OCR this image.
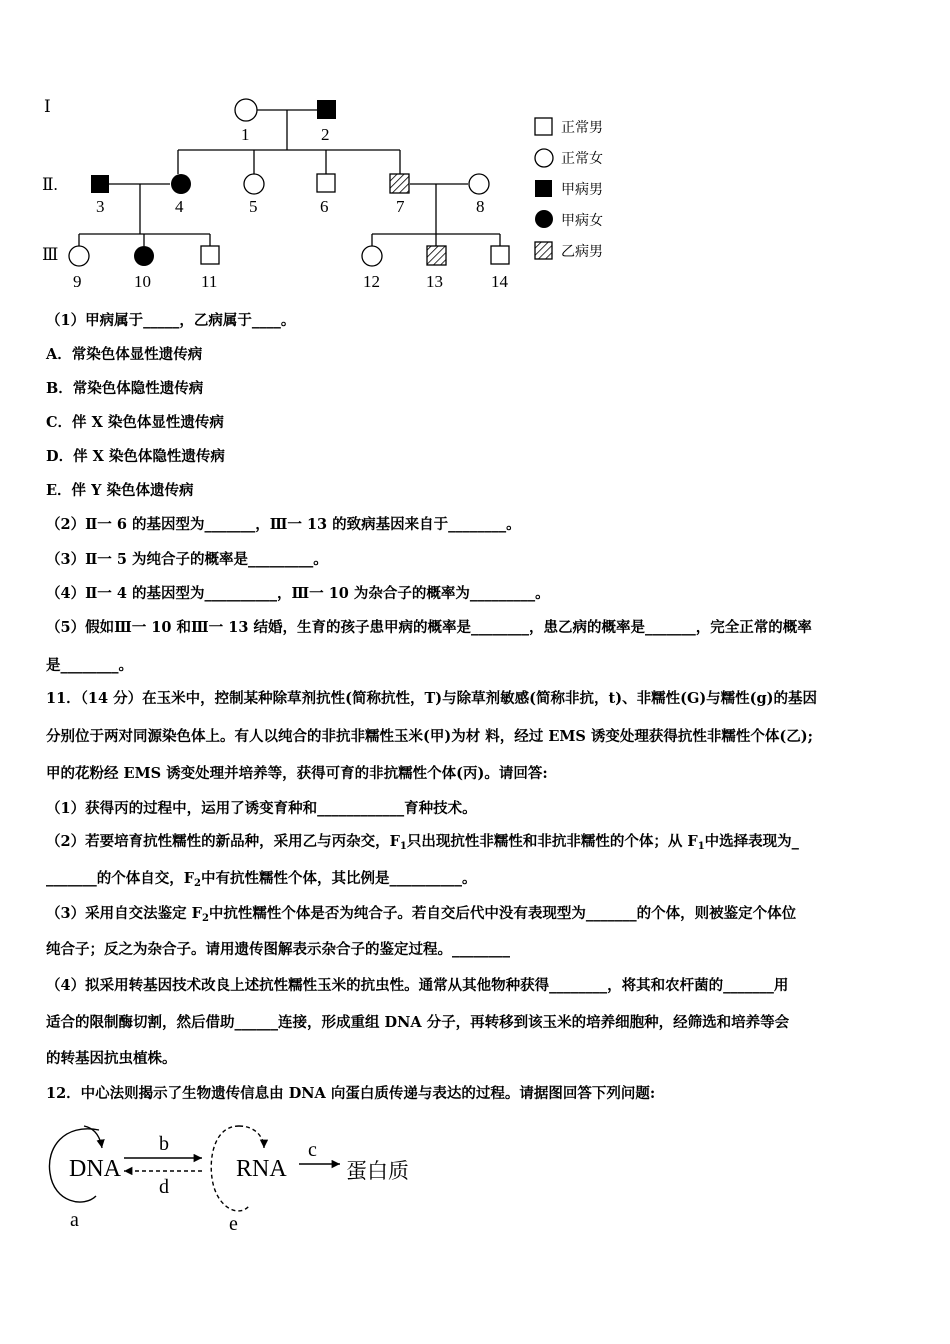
Ⅰ
Ⅱ.
Ⅲ
1	2
3	4	5	6	7	8
9	10	11	12	13	14
正常男
正常女
甲病男
甲病女
乙病男
（1）甲病属于_____，乙病属于____。
A．常染色体显性遗传病
B．常染色体隐性遗传病
C．伴 X 染色体显性遗传病
D．伴 X 染色体隐性遗传病
E．伴 Y 染色体遗传病
（2）Ⅱ一 6 的基因型为_______，Ⅲ一 13 的致病基因来自于________。
（3）Ⅱ一 5 为纯合子的概率是_________。
（4）Ⅱ一 4 的基因型为__________，Ⅲ一 10 为杂合子的概率为_________。
（5）假如Ⅲ一 10 和Ⅲ一 13 结婚，生育的孩子患甲病的概率是________，患乙病的概率是_______，完全正常的概率
是________。
11．（14 分）在玉米中，控制某种除草剂抗性(简称抗性，T)与除草剂敏感(简称非抗，t)、非糯性(G)与糯性(g)的基因
分别位于两对同源染色体上。有人以纯合的非抗非糯性玉米(甲)为材 料，经过 EMS 诱变处理获得抗性非糯性个体(乙);
甲的花粉经 EMS 诱变处理并培养等，获得可育的非抗糯性个体(丙)。请回答:
（1）获得丙的过程中，运用了诱变育种和____________育种技术。
（2）若要培育抗性糯性的新品种，采用乙与丙杂交，$F_1$只出现抗性非糯性和非抗非糯性的个体；从 $F_1$中选择表现为_
_______的个体自交，$F_2$中有抗性糯性个体，其比例是__________。
（3）采用自交法鉴定 $F_2$中抗性糯性个体是否为纯合子。若自交后代中没有表现型为_______的个体，则被鉴定个体位
纯合子；反之为杂合子。请用遗传图解表示杂合子的鉴定过程。________
（4）拟采用转基因技术改良上述抗性糯性玉米的抗虫性。通常从其他物种获得________，将其和农杆菌的_______用
适合的限制酶切割，然后借助______连接，形成重组 DNA 分子，再转移到该玉米的培养细胞种，经筛选和培养等会
的转基因抗虫植株。
12．中心法则揭示了生物遗传信息由 DNA 向蛋白质传递与表达的过程。请据图回答下列问题:
DNA	RNA	蛋白质
a
b	c
d
e
